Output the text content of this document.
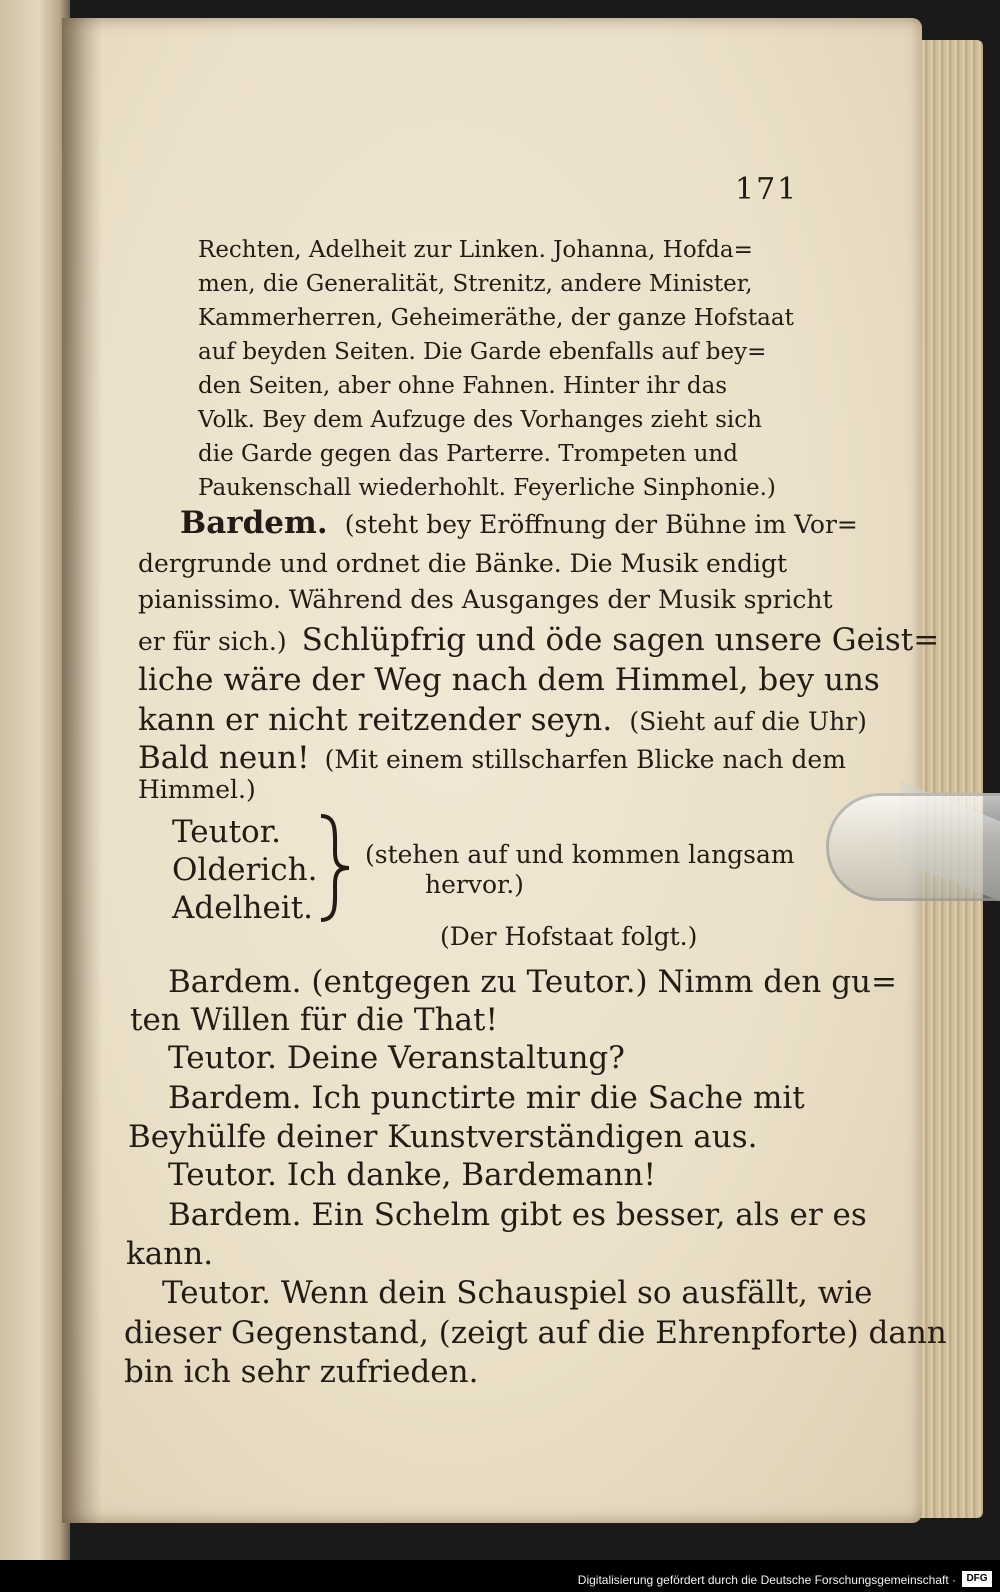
171
Rechten, Adelheit zur Linken. Johanna, Hofda=
men, die Generalität, Strenitz, andere Minister,
Kammerherren, Geheimeräthe, der ganze Hofstaat
auf beyden Seiten. Die Garde ebenfalls auf bey=
den Seiten, aber ohne Fahnen. Hinter ihr das
Volk. Bey dem Aufzuge des Vorhanges zieht sich
die Garde gegen das Parterre. Trompeten und
Paukenschall wiederhohlt. Feyerliche Sinphonie.)
Bardem. (steht bey Eröffnung der Bühne im Vor=
dergrunde und ordnet die Bänke. Die Musik endigt
pianissimo. Während des Ausganges der Musik spricht
er für sich.) Schlüpfrig und öde sagen unsere Geist=
liche wäre der Weg nach dem Himmel, bey uns
kann er nicht reitzender seyn. (Sieht auf die Uhr)
Bald neun! (Mit einem stillscharfen Blicke nach dem
Himmel.)
Teutor.
Olderich.
Adelheit.
(stehen auf und kommen langsam
hervor.)
(Der Hofstaat folgt.)
Bardem. (entgegen zu Teutor.) Nimm den gu=
ten Willen für die That!
Teutor. Deine Veranstaltung?
Bardem. Ich punctirte mir die Sache mit
Beyhülfe deiner Kunstverständigen aus.
Teutor. Ich danke, Bardemann!
Bardem. Ein Schelm gibt es besser, als er es
kann.
Teutor. Wenn dein Schauspiel so ausfällt, wie
dieser Gegenstand, (zeigt auf die Ehrenpforte) dann
bin ich sehr zufrieden.
Digitalisierung gefördert durch die Deutsche Forschungsgemeinschaft ·	DFG
